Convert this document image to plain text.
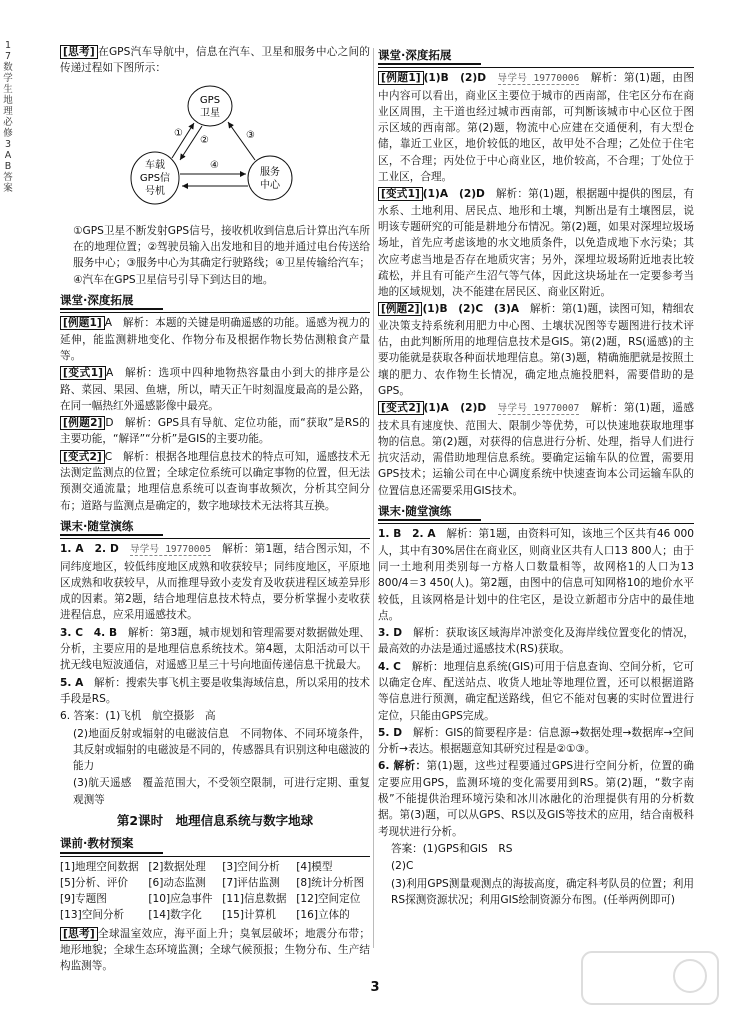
17 数学生地理必修3 AB 答案

[思考] 在GPS汽车导航中，信息在汽车、卫星和服务中心之间的传递过程如下图所示：

GPS
卫星
车载
GPS信
号机
服务
中心
①
②	③
④

①GPS卫星不断发射GPS信号，接收机收到信息后计算出汽车所在的地理位置；②驾驶员输入出发地和目的地并通过电台传送给服务中心；③服务中心为其确定行驶路线；④卫星传输给汽车；④汽车在GPS卫星信号引导下到达目的地。

课堂·深度拓展

[例题1] A　解析：本题的关键是明确遥感的功能。遥感为视力的延伸，能监测耕地变化、作物分布及根据作物长势估测粮食产量等。

[变式1] A　解析：选项中四种地物热容量由小到大的排序是公路、菜园、果园、鱼塘，所以，晴天正午时刻温度最高的是公路，在同一幅热红外遥感影像中最亮。

[例题2] D　解析：GPS具有导航、定位功能，而“获取”是RS的主要功能，“解译”“分析”是GIS的主要功能。

[变式2] C　解析：根据各地理信息技术的特点可知，遥感技术无法测定监测点的位置；全球定位系统可以确定事物的位置，但无法预测交通流量；地理信息系统可以查询事故频次，分析其空间分布；道路与监测点是确定的，数字地球技术无法将其互换。

课末·随堂演练

1. A　2. D　 导学号 19770005　 解析：第1题，结合图示知，不同纬度地区，较低纬度地区成熟和收获较早；同纬度地区，平原地区成熟和收获较早，从而推理导致小麦发育及收获进程区域差异形成的因素。第2题，结合地理信息技术特点，要分析掌握小麦收获进程信息，应采用遥感技术。

3. C　4. B　 解析：第3题，城市规划和管理需要对数据做处理、分析，主要应用的是地理信息系统技术。第4题，太阳活动可以干扰无线电短波通信，对遥感卫星三十号向地面传递信息干扰最大。

5. A　 解析：搜索失事飞机主要是收集海域信息，所以采用的技术手段是RS。

6. 答案：(1)飞机　航空摄影　高

(2)地面反射或辐射的电磁波信息　不同物体、不同环境条件，其反射或辐射的电磁波是不同的，传感器具有识别这种电磁波的能力

(3)航天遥感　覆盖范围大，不受领空限制，可进行定期、重复观测等

第2课时　地理信息系统与数字地球
课前·教材预案
[1]地理空间数据 [2]数据处理	[3]空间分析	[4]模型
[5]分析、评价	[6]动态监测	[7]评估监测	[8]统计分析图
[9]专题图	[10]应急事件 [11]信息数据 [12]空间定位
[13]空间分析	[14]数字化	[15]计算机	[16]立体的

[思考] 全球温室效应，海平面上升；臭氧层破坏；地震分布带；地形地貌；全球生态环境监测；全球气候预报；生物分布、生产结构监测等。

课堂·深度拓展

[例题1] (1)B　(2)D　 导学号 19770006　 解析：第(1)题，由图中内容可以看出，商业区主要位于城市的西南部，住宅区分布在商业区周围，主干道也经过城市西南部，可判断该城市中心区位于图示区域的西南部。第(2)题，物流中心应建在交通便利，有大型仓储，靠近工业区，地价较低的地区，故甲处不合理；乙处位于住宅区，不合理；丙处位于中心商业区，地价较高，不合理；丁处位于工业区，合理。

[变式1] (1)A　(2)D　 解析：第(1)题，根据题中提供的图层，有水系、土地利用、居民点、地形和土壤，判断出是有土壤图层，说明该专题研究的可能是耕地分布情况。第(2)题，如果对深埋垃圾场场址，首先应考虑该地的水文地质条件，以免造成地下水污染；其次应考虑当地是否存在地质灾害；另外，深埋垃圾场附近地表比较疏松，并且有可能产生沼气等气体，因此这块场址在一定要参考当地的区域规划，决不能建在居民区、商业区附近。

[例题2] (1)B　(2)C　(3)A　 解析：第(1)题，读图可知，精细农业决策支持系统利用肥力中心图、土壤状况图等专题图进行技术评估，由此判断所用的地理信息技术是GIS。第(2)题，RS(遥感)的主要功能就是获取各种面状地理信息。第(3)题，精确施肥就是按照土壤的肥力、农作物生长情况，确定地点施投肥料，需要借助的是GPS。

[变式2] (1)A　(2)D　 导学号 19770007　 解析：第(1)题，遥感技术具有速度快、范围大、限制少等优势，可以快速地获取地理事物的信息。第(2)题，对获得的信息进行分析、处理，指导人们进行抗灾活动，需借助地理信息系统。要确定运输车队的位置，需要用GPS技术；运输公司在中心调度系统中快速查询本公司运输车队的位置信息还需要采用GIS技术。

课末·随堂演练

1. B　2. A　 解析：第1题，由资料可知，该地三个区共有46 000人，其中有30%居住在商业区，则商业区共有人口13 800人；由于同一土地利用类别每一方格人口数量相等，故网格1的人口为13 800/4＝3 450(人)。第2题，由图中的信息可知网格10的地价水平较低，且该网格是计划中的住宅区，是设立新超市分店中的最佳地点。

3. D　 解析：获取该区域海岸冲淤变化及海岸线位置变化的情况，最高效的办法是通过遥感技术(RS)获取。

4. C　 解析：地理信息系统(GIS)可用于信息查询、空间分析，它可以确定仓库、配送站点、收货人地址等地理位置，还可以根据道路等信息进行预测，确定配送路线，但它不能对包裹的实时位置进行定位，只能由GPS完成。

5. D　 解析：GIS的简要程序是：信息源→数据处理→数据库→空间分析→表达。根据题意知其研究过程是②①③。

6. 解析：第(1)题，这些过程要通过GPS进行空间分析，位置的确定要应用GPS，监测环境的变化需要用到RS。第(2)题，“数字南极”不能提供治理环境污染和冰川冰融化的治理提供有用的分析数据。第(3)题，可以从GPS、RS以及GIS等技术的应用，结合南极科考现状进行分析。

答案：(1)GPS和GIS　RS

(2)C

(3)利用GPS测量观测点的海拔高度，确定科考队员的位置；利用RS探测资源状况；利用GIS绘制资源分布图。(任举两例即可)

3
